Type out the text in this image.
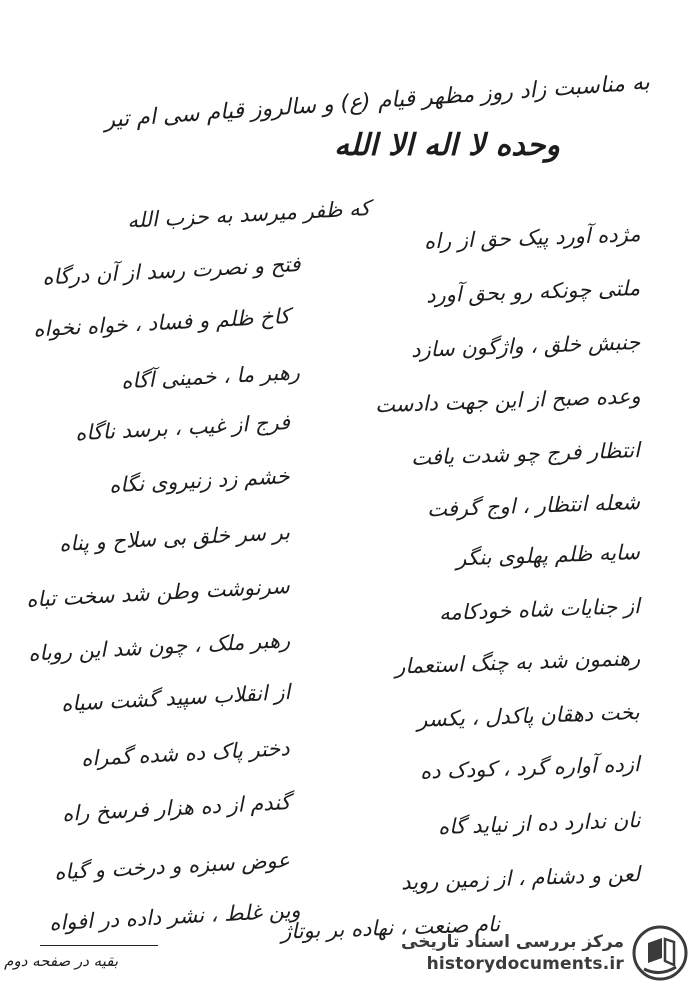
به مناسبت زاد روز مظهر قیام (ع) و سالروز قیام سی ام تیر
وحده لا اله الا الله
مژده آورد پیک حق از راه
ملتی چونکه رو بحق آورد
جنبش خلق ، واژگون سازد
وعده صبح از این جهت دادست
انتظار فرج چو شدت یافت
شعله انتظار ، اوج گرفت
سایه ظلم پهلوی بنگر
از جنایات شاه خودکامه
رهنمون شد به چنگ استعمار
بخت دهقان پاکدل ، یکسر
ازده آواره گرد ، کودک ده
نان ندارد ده از نیاید گاه
لعن و دشنام ، از زمین روید
نام صنعت ، نهاده بر بوتاژ
که ظفر میرسد به حزب الله
فتح و نصرت رسد از آن درگاه
کاخ ظلم و فساد ، خواه نخواه
رهبر ما ، خمینی آگاه
فرج از غیب ، برسد ناگاه
خشم زد زنیروی نگاه
بر سر خلق بی سلاح و پناه
سرنوشت وطن شد سخت تباه
رهبر ملک ، چون شد این روباه
از انقلاب سپید گشت سیاه
دختر پاک ده شده گمراه
گندم از ده هزار فرسخ راه
عوض سبزه و درخت و گیاه
وین غلط ، نشر داده در افواه
بقیه در صفحه دوم
مرکز بررسی اسناد تاریخی
historydocuments.ir
